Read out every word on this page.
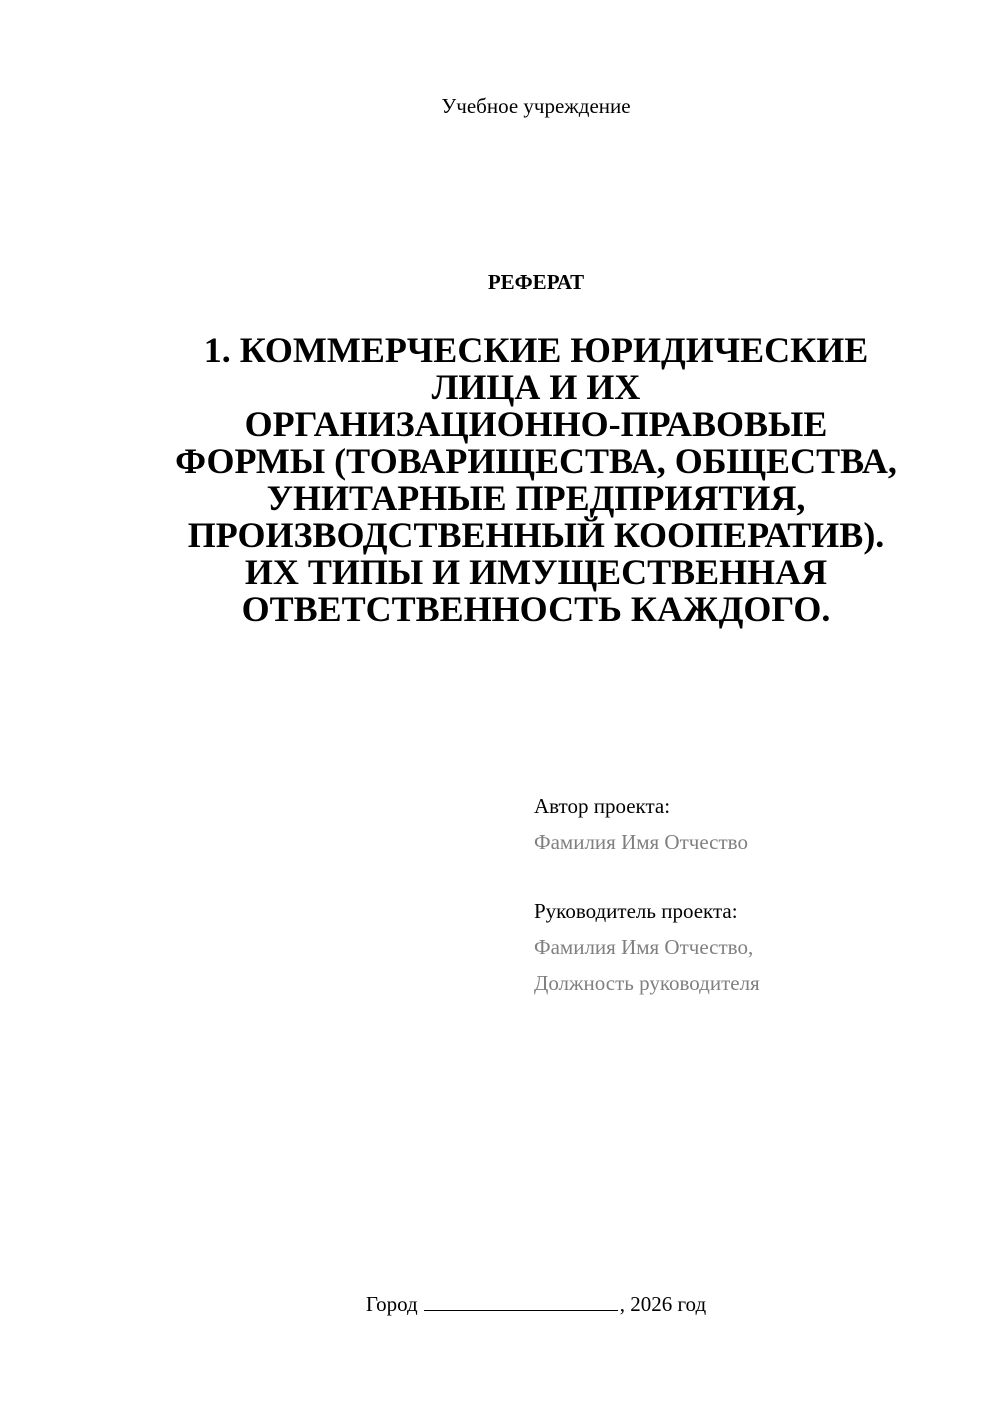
Учебное учреждение
РЕФЕРАТ
1. КОММЕРЧЕСКИЕ ЮРИДИЧЕСКИЕ
ЛИЦА И ИХ
ОРГАНИЗАЦИОННО-ПРАВОВЫЕ
ФОРМЫ (ТОВАРИЩЕСТВА, ОБЩЕСТВА,
УНИТАРНЫЕ ПРЕДПРИЯТИЯ,
ПРОИЗВОДСТВЕННЫЙ КООПЕРАТИВ).
ИХ ТИПЫ И ИМУЩЕСТВЕННАЯ
ОТВЕТСТВЕННОСТЬ КАЖДОГО.
Автор проекта:
Фамилия Имя Отчество
Руководитель проекта:
Фамилия Имя Отчество,
Должность руководителя
Город	, 2026 год
